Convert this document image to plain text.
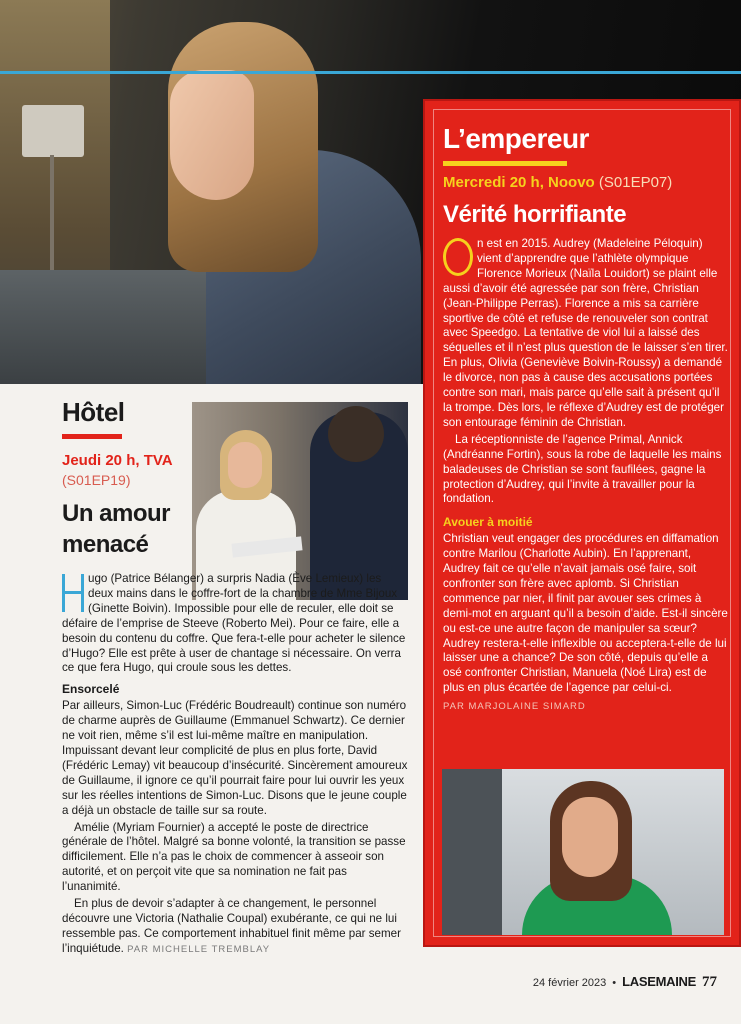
L’empereur
Mercredi 20 h, Noovo (S01EP07)
Vérité horrifiante

n est en 2015. Audrey (Madeleine Péloquin) vient d’apprendre que l’athlète olympique Florence Morieux (Naïla Louidort) se plaint elle aussi d’avoir été agressée par son frère, Christian (Jean-Philippe Perras). Florence a mis sa carrière sportive de côté et refuse de renouveler son contrat avec Speedgo. La tentative de viol lui a laissé des séquelles et il n’est plus question de le laisser s’en tirer. En plus, Olivia (Geneviève Boivin-Roussy) a demandé le divorce, non pas à cause des accusations portées contre son mari, mais parce qu’elle sait à présent qu’il la trompe. Dès lors, le réflexe d’Audrey est de protéger son entourage féminin de Christian.

La réceptionniste de l’agence Primal, Annick (Andréanne Fortin), sous la robe de laquelle les mains baladeuses de Christian se sont faufilées, gagne la protection d’Audrey, qui l’invite à travailler pour la fondation.

Avouer à moitié

Christian veut engager des procédures en diffamation contre Marilou (Charlotte Aubin). En l’apprenant, Audrey fait ce qu’elle n’avait jamais osé faire, soit confronter son frère avec aplomb. Si Christian commence par nier, il finit par avouer ses crimes à demi-mot en arguant qu’il a besoin d’aide. Est-il sincère ou est-ce une autre façon de manipuler sa sœur? Audrey restera-t-elle inflexible ou acceptera-t-elle de lui laisser une a chance? De son côté, depuis qu’elle a osé confronter Christian, Manuela (Noé Lira) est de plus en plus écartée de l’agence par celui-ci.

PAR MARJOLAINE SIMARD
Hôtel
Jeudi 20 h, TVA
(S01EP19)
Un amour menacé

ugo (Patrice Bélanger) a surpris Nadia (Ève Lemieux) les deux mains dans le coffre-fort de la chambre de Mme Bijoux (Ginette Boivin). Impossible pour elle de reculer, elle doit se défaire de l’emprise de Steeve (Roberto Mei). Pour ce faire, elle a besoin du contenu du coffre. Que fera-t-elle pour acheter le silence d’Hugo? Elle est prête à user de chantage si nécessaire. On verra ce que fera Hugo, qui croule sous les dettes.

Ensorcelé

Par ailleurs, Simon-Luc (Frédéric Boudreault) continue son numéro de charme auprès de Guillaume (Emmanuel Schwartz). Ce dernier ne voit rien, même s’il est lui-même maître en manipulation. Impuissant devant leur complicité de plus en plus forte, David (Frédéric Lemay) vit beaucoup d’insécurité. Sincèrement amoureux de Guillaume, il ignore ce qu’il pourrait faire pour lui ouvrir les yeux sur les réelles intentions de Simon-Luc. Disons que le jeune couple a déjà un obstacle de taille sur sa route.

Amélie (Myriam Fournier) a accepté le poste de directrice générale de l’hôtel. Malgré sa bonne volonté, la transition se passe difficilement. Elle n’a pas le choix de commencer à asseoir son autorité, et on perçoit vite que sa nomination ne fait pas l’unanimité.

En plus de devoir s’adapter à ce changement, le personnel découvre une Victoria (Nathalie Coupal) exubérante, ce qui ne lui ressemble pas. Ce comportement inhabituel finit même par semer l’inquiétude. PAR MICHELLE TREMBLAY

24 février 2023 • LASEMAINE 77
